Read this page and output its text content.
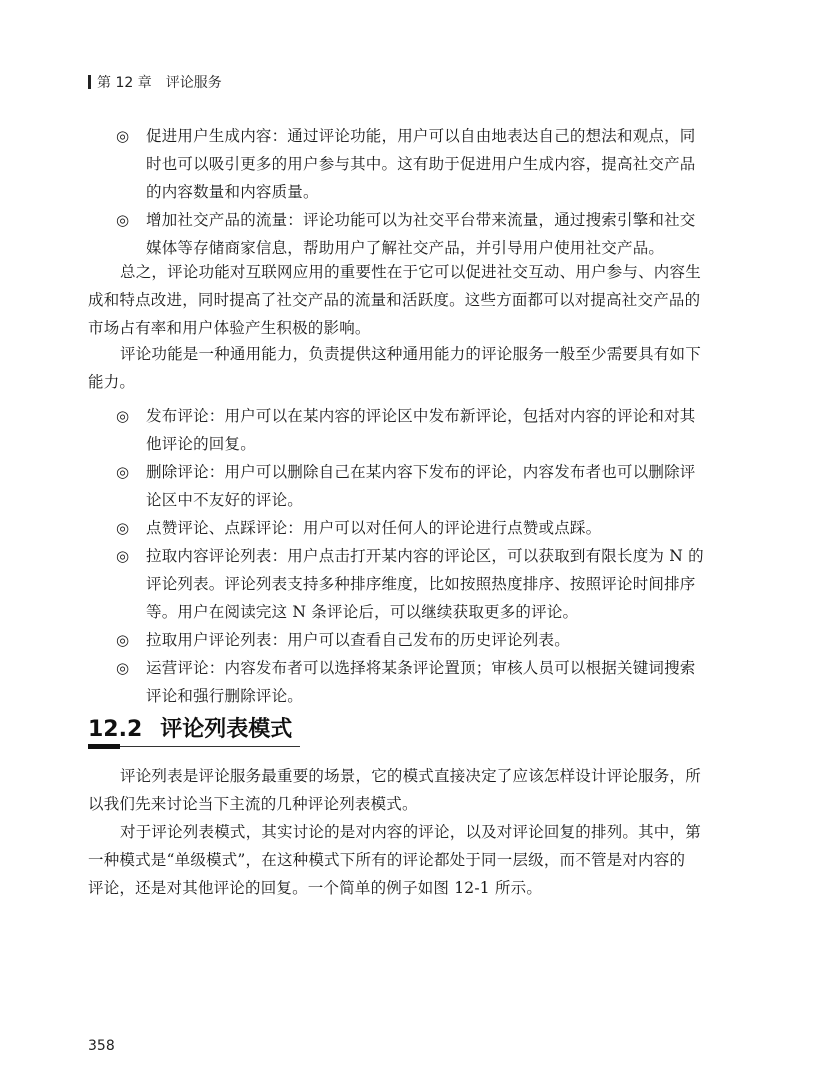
第 12 章 评论服务
◎	促进用户生成内容：通过评论功能，用户可以自由地表达自己的想法和观点，同
时也可以吸引更多的用户参与其中。这有助于促进用户生成内容，提高社交产品
的内容数量和内容质量。
◎	增加社交产品的流量：评论功能可以为社交平台带来流量，通过搜索引擎和社交
媒体等存储商家信息，帮助用户了解社交产品，并引导用户使用社交产品。
总之，评论功能对互联网应用的重要性在于它可以促进社交互动、用户参与、内容生
成和特点改进，同时提高了社交产品的流量和活跃度。这些方面都可以对提高社交产品的
市场占有率和用户体验产生积极的影响。
评论功能是一种通用能力，负责提供这种通用能力的评论服务一般至少需要具有如下
能力。
◎	发布评论：用户可以在某内容的评论区中发布新评论，包括对内容的评论和对其
他评论的回复。
◎	删除评论：用户可以删除自己在某内容下发布的评论，内容发布者也可以删除评
论区中不友好的评论。
◎	点赞评论、点踩评论：用户可以对任何人的评论进行点赞或点踩。
◎	拉取内容评论列表：用户点击打开某内容的评论区，可以获取到有限长度为 N 的
评论列表。评论列表支持多种排序维度，比如按照热度排序、按照评论时间排序
等。用户在阅读完这 N 条评论后，可以继续获取更多的评论。
◎	拉取用户评论列表：用户可以查看自己发布的历史评论列表。
◎	运营评论：内容发布者可以选择将某条评论置顶；审核人员可以根据关键词搜索
评论和强行删除评论。
12.2 评论列表模式
评论列表是评论服务最重要的场景，它的模式直接决定了应该怎样设计评论服务，所
以我们先来讨论当下主流的几种评论列表模式。
对于评论列表模式，其实讨论的是对内容的评论，以及对评论回复的排列。其中，第
一种模式是“单级模式”，在这种模式下所有的评论都处于同一层级，而不管是对内容的
评论，还是对其他评论的回复。一个简单的例子如图 12-1 所示。
358
